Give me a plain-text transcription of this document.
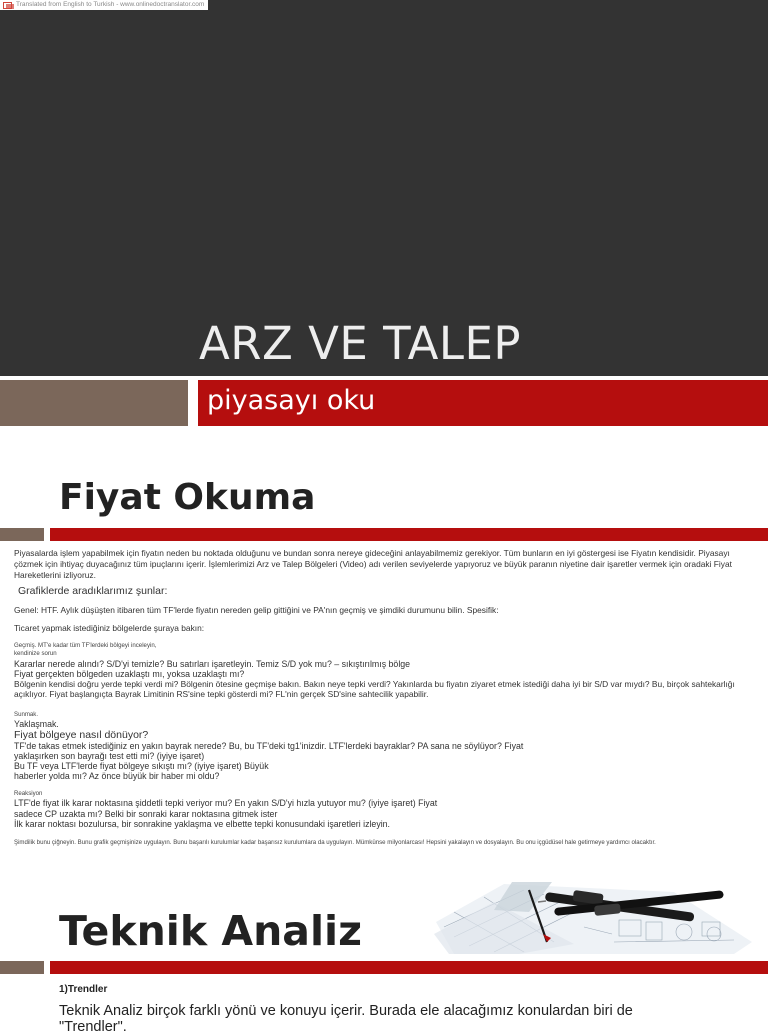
Translated from English to Turkish - www.onlinedoctranslator.com
ARZ VE TALEP
piyasayı oku
Fiyat Okuma
Piyasalarda işlem yapabilmek için fiyatın neden bu noktada olduğunu ve bundan sonra nereye gideceğini anlayabilmemiz gerekiyor. Tüm bunların en iyi göstergesi ise Fiyatın kendisidir. Piyasayı çözmek için ihtiyaç duyacağınız tüm ipuçlarını içerir. İşlemlerimizi Arz ve Talep Bölgeleri (Video) adı verilen seviyelerde yapıyoruz ve büyük paranın niyetine dair işaretler vermek için oradaki Fiyat Hareketlerini izliyoruz.
Grafiklerde aradıklarımız şunlar:
Genel: HTF. Aylık düşüşten itibaren tüm TF'lerde fiyatın nereden gelip gittiğini ve PA'nın geçmiş ve şimdiki durumunu bilin. Spesifik:
Ticaret yapmak istediğiniz bölgelerde şuraya bakın:
Geçmiş. MT'e kadar tüm TF'lerdeki bölgeyi inceleyin,
kendinize sorun
Kararlar nerede alındı? S/D'yi temizle? Bu satırları işaretleyin. Temiz S/D yok mu? – sıkıştırılmış bölge
Fiyat gerçekten bölgeden uzaklaştı mı, yoksa uzaklaştı mı?
Bölgenin kendisi doğru yerde tepki verdi mi? Bölgenin ötesine geçmişe bakın. Bakın neye tepki verdi? Yakınlarda bu fiyatın ziyaret etmek istediği daha iyi bir S/D var mıydı? Bu, birçok sahtekarlığı açıklıyor. Fiyat başlangıçta Bayrak Limitinin RS'sine tepki gösterdi mi? FL'nin gerçek SD'sine sahtecilik yapabilir.
Sunmak.
Yaklaşmak.
Fiyat bölgeye nasıl dönüyor?
TF'de takas etmek istediğiniz en yakın bayrak nerede? Bu, bu TF'deki tg1'inizdir. LTF'lerdeki bayraklar? PA sana ne söylüyor? Fiyat
yaklaşırken son bayrağı test etti mi? (iyiye işaret)
Bu TF veya LTF'lerde fiyat bölgeye sıkıştı mı? (iyiye işaret) Büyük
haberler yolda mı? Az önce büyük bir haber mi oldu?
Reaksiyon
LTF'de fiyat ilk karar noktasına şiddetli tepki veriyor mu? En yakın S/D'yi hızla yutuyor mu? (iyiye işaret) Fiyat
sadece CP uzakta mı? Belki bir sonraki karar noktasına gitmek ister
İlk karar noktası bozulursa, bir sonrakine yaklaşma ve elbette tepki konusundaki işaretleri izleyin.
Şimdilik bunu çiğneyin. Bunu grafik geçmişinize uygulayın. Bunu başarılı kurulumlar kadar başarısız kurulumlara da uygulayın. Mümkünse milyonlarcası! Hepsini yakalayın ve dosyalayın. Bu onu içgüdüsel hale getirmeye yardımcı olacaktır.
Teknik Analiz
1)Trendler
Teknik Analiz birçok farklı yönü ve konuyu içerir. Burada ele alacağımız konulardan biri de "Trendler".
